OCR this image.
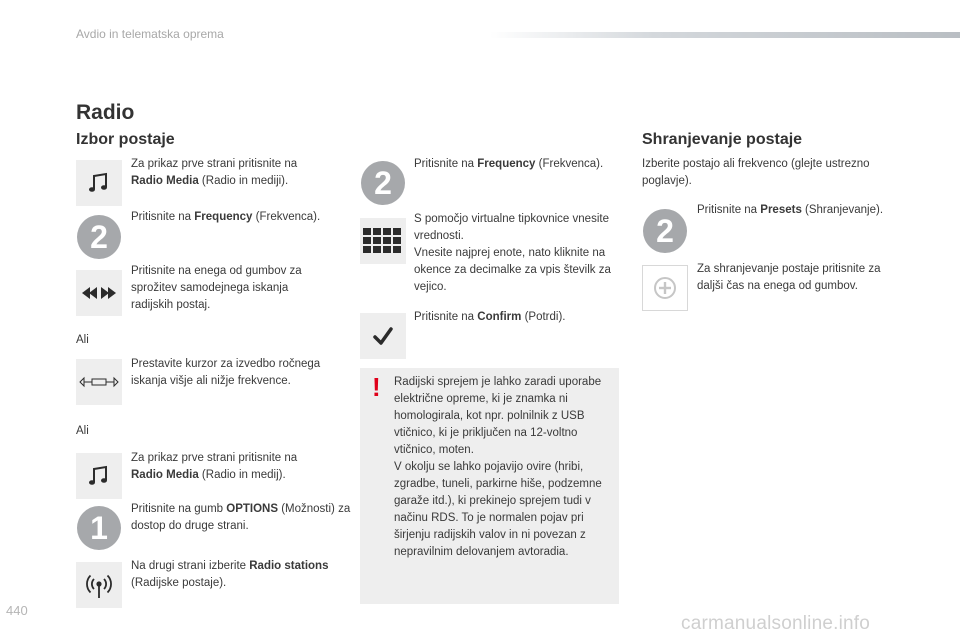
Avdio in telematska oprema
Radio
Izbor postaje
Za prikaz prve strani pritisnite na Radio Media (Radio in mediji).
2
Pritisnite na Frequency (Frekvenca).
Pritisnite na enega od gumbov za sprožitev samodejnega iskanja radijskih postaj.
Ali
Prestavite kurzor za izvedbo ročnega iskanja višje ali nižje frekvence.
Ali
Za prikaz prve strani pritisnite na Radio Media (Radio in medij).
1
Pritisnite na gumb OPTIONS (Možnosti) za dostop do druge strani.
Na drugi strani izberite Radio stations (Radijske postaje).
2
Pritisnite na Frequency (Frekvenca).
S pomočjo virtualne tipkovnice vnesite vrednosti.
Vnesite najprej enote, nato kliknite na okence za decimalke za vpis številk za vejico.
Pritisnite na Confirm (Potrdi).
! Radijski sprejem je lahko zaradi uporabe električne opreme, ki je znamka ni homologirala, kot npr. polnilnik z USB vtičnico, ki je priključen na 12-voltno vtičnico, moten.
V okolju se lahko pojavijo ovire (hribi, zgradbe, tuneli, parkirne hiše, podzemne garaže itd.), ki prekinejo sprejem tudi v načinu RDS. To je normalen pojav pri širjenju radijskih valov in ni povezan z nepravilnim delovanjem avtoradia.
Shranjevanje postaje
Izberite postajo ali frekvenco (glejte ustrezno poglavje).
2
Pritisnite na Presets (Shranjevanje).
Za shranjevanje postaje pritisnite za daljši čas na enega od gumbov.
440
carmanualsonline.info
